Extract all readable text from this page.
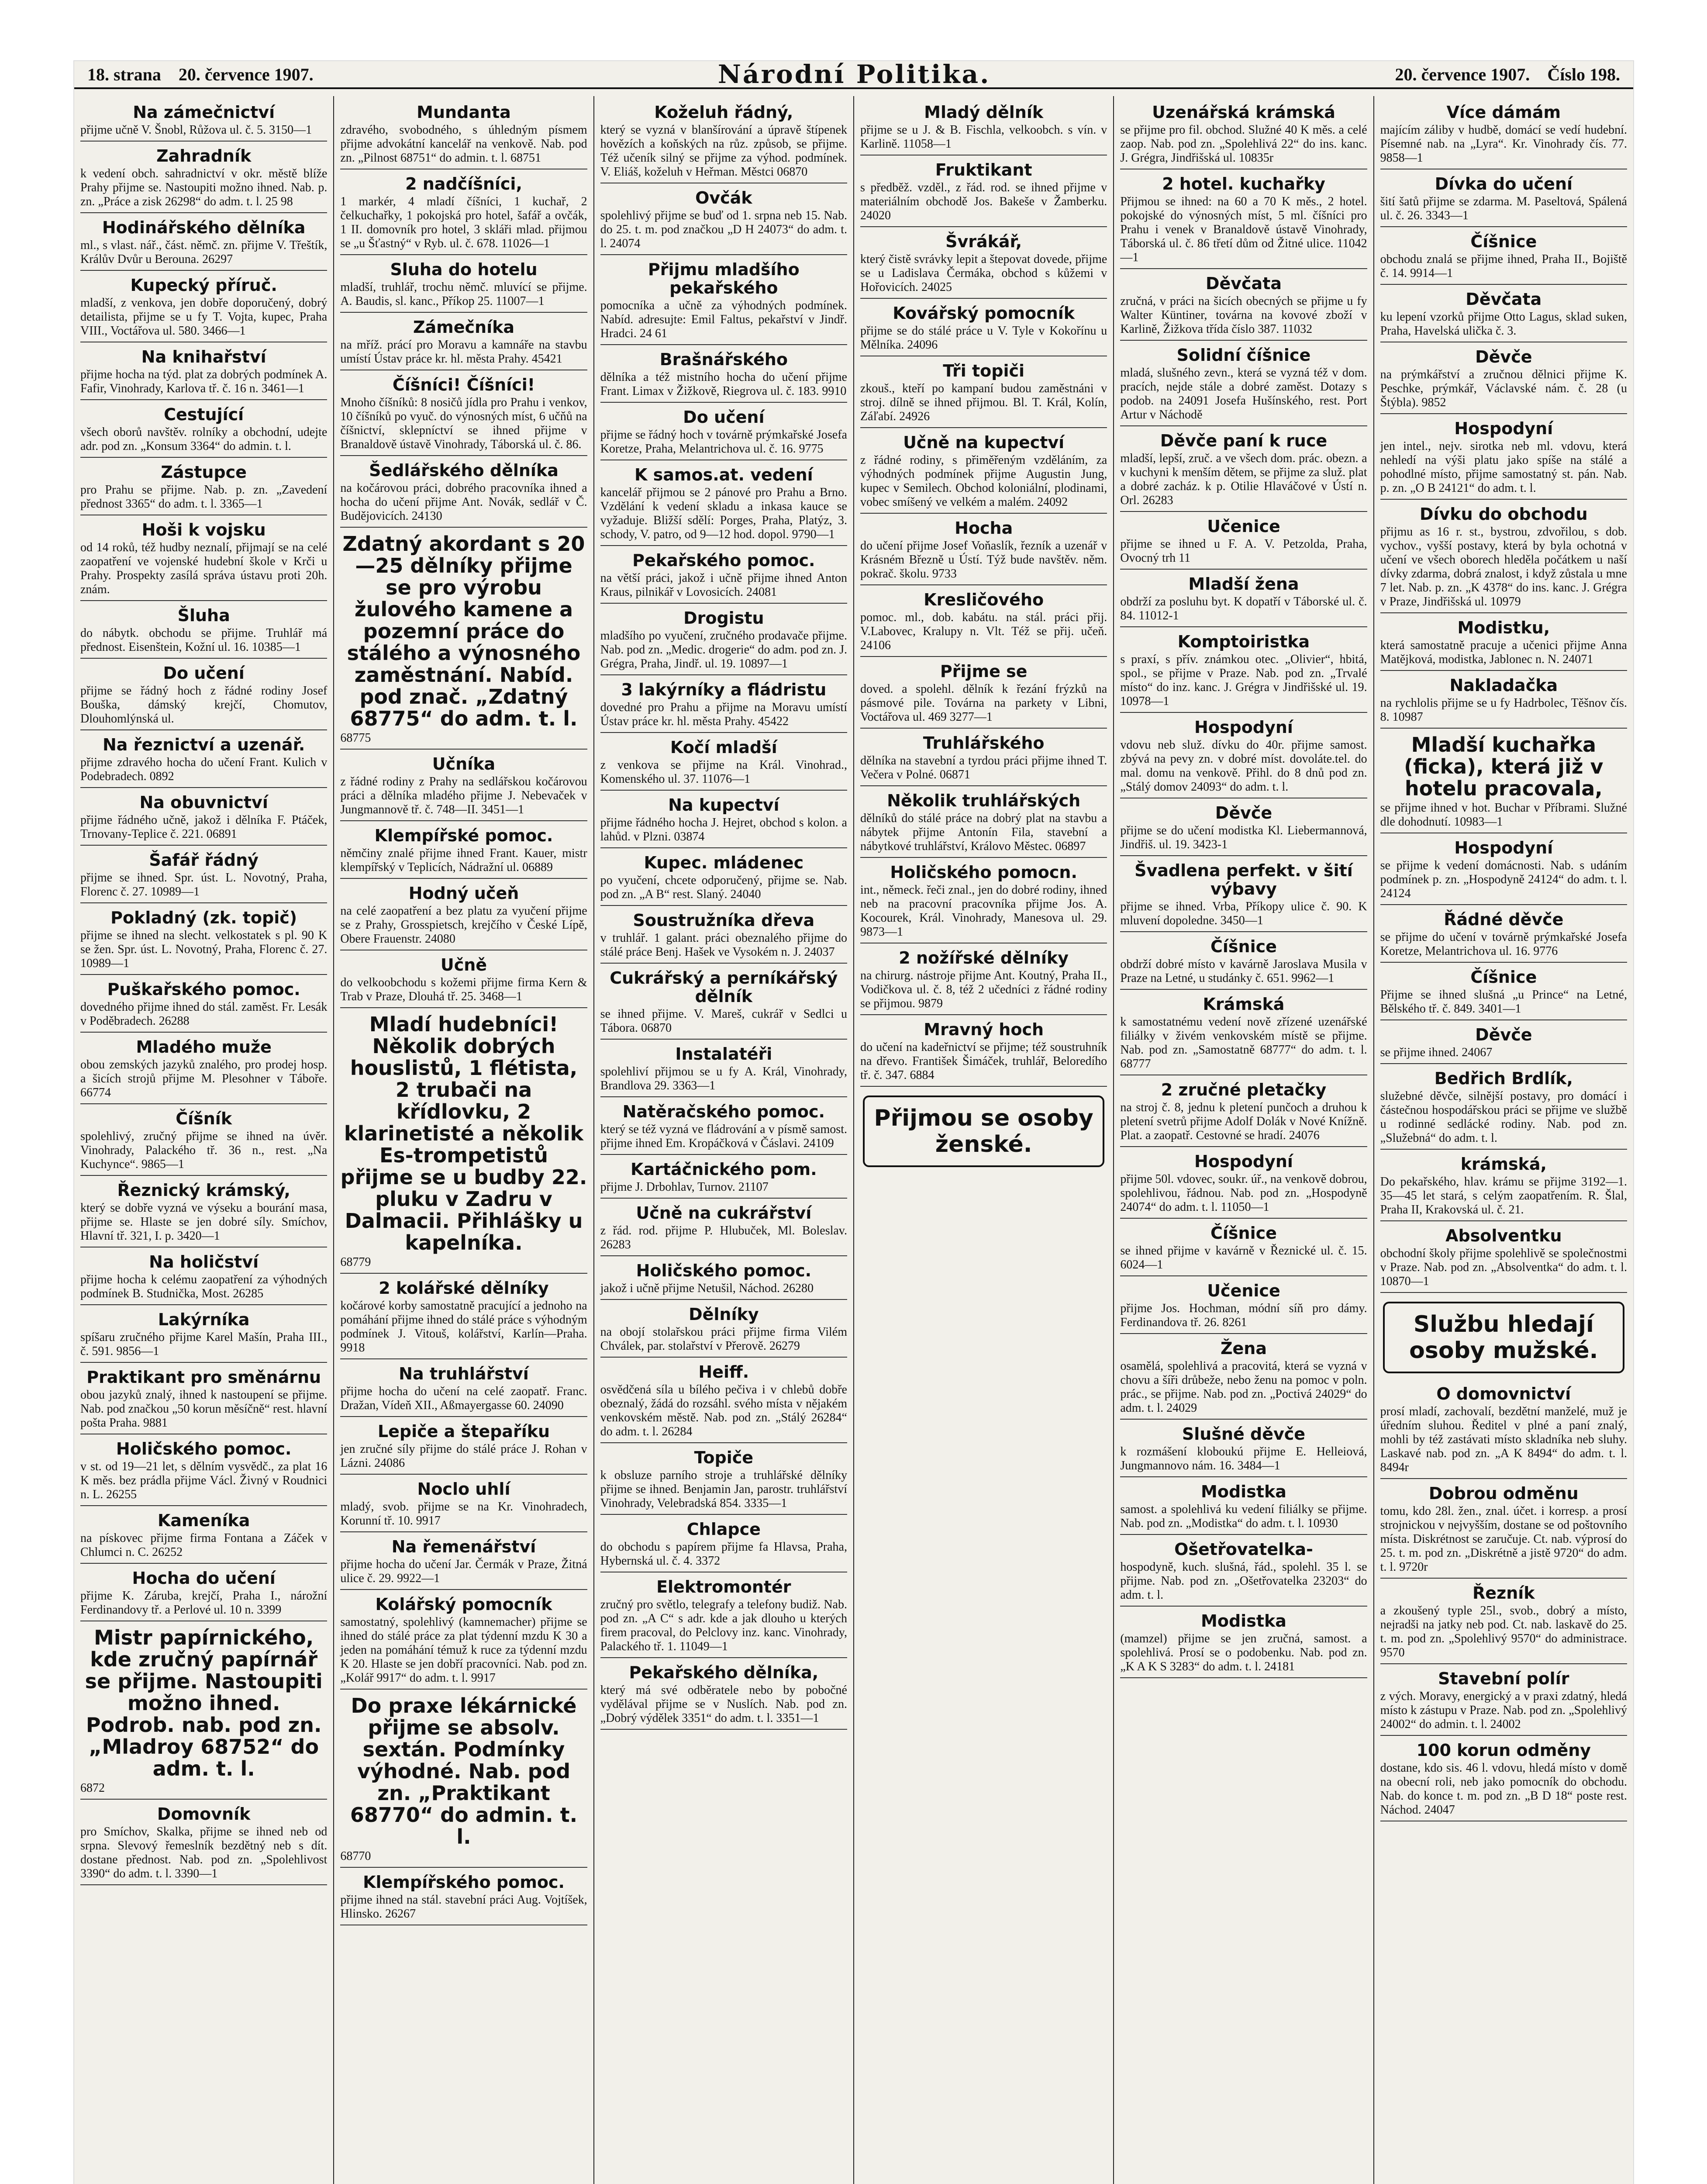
18. strana 20. července 1907.	Národní Politika.	20. července 1907. Číslo 198.
Na zámečnictví

přijme učně V. Šnobl, Růžova ul. č. 5. 3150—1

Zahradník

k vedení obch. sahradnictví v okr. městě blíže Prahy přijme se. Nastoupiti možno ihned. Nab. p. zn. „Práce a zisk 26298“ do adm. t. l. 25 98

Hodinářského dělníka

ml., s vlast. nář., část. němč. zn. přijme V. Třeštík, Králův Dvůr u Berouna. 26297

Kupecký příruč.

mladší, z venkova, jen dobře doporučený, dobrý detailista, přijme se u fy T. Vojta, kupec, Praha VIII., Voctářova ul. 580. 3466—1

Na knihařství

přijme hocha na týd. plat za dobrých podmínek A. Fafir, Vinohrady, Karlova tř. č. 16 n. 3461—1

Cestující

všech oborů navštěv. rolníky a obchodní, udejte adr. pod zn. „Konsum 3364“ do admin. t. l.

Zástupce

pro Prahu se přijme. Nab. p. zn. „Zavedení přednost 3365“ do adm. t. l. 3365—1

Hoši k vojsku

od 14 roků, též hudby neznalí, přijmají se na celé zaopatření ve vojenské hudební škole v Krči u Prahy. Prospekty zasílá správa ústavu proti 20h. znám.

Šluha

do nábytk. obchodu se přijme. Truhlář má přednost. Eisenštein, Kožní ul. 16. 10385—1

Do učení

přijme se řádný hoch z řádné rodiny Josef Bouška, dámský krejčí, Chomutov, Dlouhomlýnská ul.

Na řeznictví a uzenář.

přijme zdravého hocha do učení Frant. Kulich v Podebradech. 0892

Na obuvnictví

přijme řádného učně, jakož i dělníka F. Ptáček, Trnovany-Teplice č. 221. 06891

Šafář řádný

přijme se ihned. Spr. úst. L. Novotný, Praha, Florenc č. 27. 10989—1

Pokladný (zk. topič)

přijme se ihned na slecht. velkostatek s pl. 90 K se žen. Spr. úst. L. Novotný, Praha, Florenc č. 27. 10989—1

Puškařského pomoc.

dovedného přijme ihned do stál. zaměst. Fr. Lesák v Poděbradech. 26288

Mladého muže

obou zemských jazyků znalého, pro prodej hosp. a šicích strojů přijme M. Plesohner v Táboře. 66774

Číšník

spolehlivý, zručný přijme se ihned na úvěr. Vinohrady, Palackého tř. 36 n., rest. „Na Kuchynce“. 9865—1

Řeznický krámský,

který se dobře vyzná ve výseku a bourání masa, přijme se. Hlaste se jen dobré síly. Smíchov, Hlavní tř. 321, I. p. 3420—1

Na holičství

přijme hocha k celému zaopatření za výhodných podmínek B. Studnička, Most. 26285

Lakýrníka

spíšaru zručného přijme Karel Mašín, Praha III., č. 591. 9856—1

Praktikant pro směnárnu

obou jazyků znalý, ihned k nastoupení se přijme. Nab. pod značkou „50 korun měsíčně“ rest. hlavní pošta Praha. 9881

Holičského pomoc.

v st. od 19—21 let, s dělním vysvědč., za plat 16 K měs. bez prádla přijme Václ. Živný v Roudnici n. L. 26255

Kameníka

na pískovec přijme firma Fontana a Záček v Chlumci n. C. 26252

Hocha do učení

přijme K. Záruba, krejčí, Praha I., nárožní Ferdinandovy tř. a Perlové ul. 10 n. 3399

Mistr papírnického, kde zručný papírnář se přijme. Nastoupiti možno ihned. Podrob. nab. pod zn. „Mladroy 68752“ do adm. t. l.

6872

Domovník

pro Smíchov, Skalka, přijme se ihned neb od srpna. Slevový řemeslník bezdětný neb s dít. dostane přednost. Nab. pod zn. „Spolehlivost 3390“ do adm. t. l. 3390—1

Mundanta

zdravého, svobodného, s úhledným písmem přijme advokátní kancelář na venkově. Nab. pod zn. „Pilnost 68751“ do admin. t. l. 68751

2 nadčíšníci,

1 markér, 4 mladí číšníci, 1 kuchař, 2 čelkuchařky, 1 pokojská pro hotel, šafář a ovčák, 1 II. domovník pro hotel, 3 skláři mlad. přijmou se „u Šťastný“ v Ryb. ul. č. 678. 11026—1

Sluha do hotelu

mladší, truhlář, trochu němč. mluvící se přijme. A. Baudis, sl. kanc., Příkop 25. 11007—1

Zámečníka

na mříž. prácí pro Moravu a kamnáře na stavbu umístí Ústav práce kr. hl. města Prahy. 45421

Číšníci! Číšníci!

Mnoho číšníků: 8 nosičů jídla pro Prahu i venkov, 10 číšníků po vyuč. do výnosných míst, 6 učňů na číšnictví, sklepníctví se ihned přijme v Branaldově ústavě Vinohrady, Táborská ul. č. 86.

Šedlářského dělníka

na kočárovou práci, dobrého pracovníka ihned a hocha do učení přijme Ant. Novák, sedlář v Č. Budějovicích. 24130

Zdatný akordant s 20—25 dělníky přijme se pro výrobu žulového kamene a pozemní práce do stálého a výnosného zaměstnání. Nabíd. pod znač. „Zdatný 68775“ do adm. t. l.

68775

Učníka

z řádné rodiny z Prahy na sedlářskou kočárovou práci a dělníka mladého přijme J. Nebevaček v Jungmannově tř. č. 748—II. 3451—1

Klempířské pomoc.

němčiny znalé přijme ihned Frant. Kauer, mistr klempířský v Teplicích, Nádražní ul. 06889

Hodný učeň

na celé zaopatření a bez platu za vyučení přijme se z Prahy, Grosspietsch, krejčího v České Lípě, Obere Frauenstr. 24080

Učně

do velkoobchodu s kožemi přijme firma Kern & Trab v Praze, Dlouhá tř. 25. 3468—1

Mladí hudebníci! Několik dobrých houslistů, 1 flétista, 2 trubači na křídlovku, 2 klarinetisté a několik Es-trompetistů přijme se u budby 22. pluku v Zadru v Dalmacii. Přihlášky u kapelníka.

68779

2 kolářské dělníky

kočárové korby samostatně pracující a jednoho na pomáhání přijme ihned do stálé práce s výhodným podmínek J. Vitouš, kolářství, Karlín—Praha. 9918

Na truhlářství

přijme hocha do učení na celé zaopatř. Franc. Dražan, Vídeň XII., Aßmayergasse 60. 24090

Lepiče a štepaříku

jen zručné síly přijme do stálé práce J. Rohan v Lázni. 24086

Noclo uhlí

mladý, svob. přijme se na Kr. Vinohradech, Korunní tř. 10. 9917

Na řemenářství

přijme hocha do učení Jar. Čermák v Praze, Žitná ulice č. 29. 9922—1

Kolářský pomocník

samostatný, spolehlivý (kamnemacher) přijme se ihned do stálé práce za plat týdenní mzdu K 30 a jeden na pomáhání témuž k ruce za týdenní mzdu K 20. Hlaste se jen dobří pracovníci. Nab. pod zn. „Kolář 9917“ do adm. t. l. 9917

Do praxe lékárnické přijme se absolv. sextán. Podmínky výhodné. Nab. pod zn. „Praktikant 68770“ do admin. t. l.

68770

Klempířského pomoc.

přijme ihned na stál. stavební práci Aug. Vojtíšek, Hlinsko. 26267

Koželuh řádný,

který se vyzná v blanšírování a úpravě štípenek hovězích a koňských na růz. způsob, se přijme. Též učeník silný se přijme za výhod. podmínek. V. Eliáš, koželuh v Heřman. Městci 06870

Ovčák

spolehlivý přijme se buď od 1. srpna neb 15. Nab. do 25. t. m. pod značkou „D H 24073“ do adm. t. l. 24074

Přijmu mladšího pekařského

pomocníka a učně za výhodných podmínek. Nabíd. adresujte: Emil Faltus, pekařství v Jindř. Hradci. 24 61

Brašnářského

dělníka a též mistního hocha do učení přijme Frant. Limax v Žižkově, Riegrova ul. č. 183. 9910

Do učení

přijme se řádný hoch v továrně prýmkařské Josefa Koretze, Praha, Melantrichova ul. č. 16. 9775

K samos.at. vedení

kancelář přijmou se 2 pánové pro Prahu a Brno. Vzdělání k vedení skladu a inkasa kauce se vyžaduje. Bližší sdělí: Porges, Praha, Platýz, 3. schody, V. patro, od 9—12 hod. dopol. 9790—1

Pekařského pomoc.

na větší práci, jakož i učně přijme ihned Anton Kraus, pilnikář v Lovosicích. 24081

Drogistu

mladšího po vyučení, zručného prodavače přijme. Nab. pod zn. „Medic. drogerie“ do adm. pod zn. J. Grégra, Praha, Jindř. ul. 19. 10897—1

3 lakýrníky a fládristu

dovedné pro Prahu a přijme na Moravu umístí Ústav práce kr. hl. města Prahy. 45422

Kočí mladší

z venkova se přijme na Král. Vinohrad., Komenského ul. 37. 11076—1

Na kupectví

přijme řádného hocha J. Hejret, obchod s kolon. a lahůd. v Plzni. 03874

Kupec. mládenec

po vyučení, chcete odporučený, přijme se. Nab. pod zn. „A B“ rest. Slaný. 24040

Soustružníka dřeva

v truhlář. 1 galant. práci obeznalého přijme do stálé práce Benj. Hašek ve Vysokém n. J. 24037

Cukrářský a perníkářský dělník

se ihned přijme. V. Mareš, cukrář v Sedlci u Tábora. 06870

Instalatéři

spolehliví přijmou se u fy A. Král, Vinohrady, Brandlova 29. 3363—1

Natěračského pomoc.

který se též vyzná ve fládrování a v písmě samost. přijme ihned Em. Kropáčková v Čáslavi. 24109

Kartáčnického pom.

přijme J. Drbohlav, Turnov. 21107

Učně na cukrářství

z řád. rod. přijme P. Hlubuček, Ml. Boleslav. 26283

Holičského pomoc.

jakož i učně přijme Netušil, Náchod. 26280

Dělníky

na obojí stolařskou práci přijme firma Vilém Chválek, par. stolařství v Přerově. 26279

Heiff.

osvědčená síla u bílého pečiva i v chlebů dobře obeznalý, žádá do rozsáhl. svého místa v nějakém venkovském městě. Nab. pod zn. „Stálý 26284“ do adm. t. l. 26284

Topiče

k obsluze parního stroje a truhlářské dělníky přijme se ihned. Benjamin Jan, parostr. truhlářství Vinohrady, Velebradská 854. 3335—1

Chlapce

do obchodu s papírem přijme fa Hlavsa, Praha, Hybernská ul. č. 4. 3372

Elektromontér

zručný pro světlo, telegrafy a telefony budiž. Nab. pod zn. „A C“ s adr. kde a jak dlouho u kterých firem pracoval, do Pelclovy inz. kanc. Vinohrady, Palackého tř. 1. 11049—1

Pekařského dělníka,

který má své odběratele nebo by pobočné vydělával přijme se v Nuslích. Nab. pod zn. „Dobrý výdělek 3351“ do adm. t. l. 3351—1

Mladý dělník

přijme se u J. & B. Fischla, velkoobch. s vín. v Karlině. 11058—1

Fruktikant

s předběž. vzděl., z řád. rod. se ihned přijme v materiálním obchodě Jos. Bakeše v Žamberku. 24020

Švrákář,

který čistě svrávky lepit a štepovat dovede, přijme se u Ladislava Čermáka, obchod s kůžemi v Hořovicích. 24025

Kovářský pomocník

přijme se do stálé práce u V. Tyle v Kokořínu u Mělníka. 24096

Tři topiči

zkouš., kteří po kampaní budou zaměstnáni v stroj. dílně se ihned přijmou. Bl. T. Král, Kolín, Záľabí. 24926

Učně na kupectví

z řádné rodiny, s přiměřeným vzděláním, za výhodných podmínek přijme Augustin Jung, kupec v Semilech. Obchod koloniální, plodinami, vobec smíšený ve velkém a malém. 24092

Hocha

do učení přijme Josef Voňaslík, řezník a uzenář v Krásném Březně u Ústí. Týž bude navštěv. něm. pokrač. školu. 9733

Kresličového

pomoc. ml., dob. kabátu. na stál. práci přij. V.Labovec, Kralupy n. Vlt. Též se přij. učeň. 24106

Přijme se

doved. a spolehl. dělník k řezání frýzků na pásmové pile. Továrna na parkety v Libni, Voctářova ul. 469 3277—1

Truhlářského

dělníka na stavební a tyrdou práci přijme ihned T. Večera v Polné. 06871

Několik truhlářských

dělníků do stálé práce na dobrý plat na stavbu a nábytek přijme Antonín Fila, stavební a nábytkové truhlářství, Královo Městec. 06897

Holičského pomocn.

int., německ. řeči znal., jen do dobré rodiny, ihned neb na pracovní pracovníka přijme Jos. A. Kocourek, Král. Vinohrady, Manesova ul. 29. 9873—1

2 nožířské dělníky

na chirurg. nástroje přijme Ant. Koutný, Praha II., Vodičkova ul. č. 8, též 2 učedníci z řádné rodiny se přijmou. 9879

Mravný hoch

do učení na kadeřnictví se přijme; též soustruhník na dřevo. František Šimáček, truhlář, Beloredího tř. č. 347. 6884

Přijmou se osoby ženské.
Uzenářská krámská

se přijme pro fil. obchod. Služné 40 K měs. a celé zaop. Nab. pod zn. „Spolehlivá 22“ do ins. kanc. J. Grégra, Jindřišská ul. 10835r

2 hotel. kuchařky

Přijmou se ihned: na 60 a 70 K měs., 2 hotel. pokojské do výnosných míst, 5 ml. číšníci pro Prahu i venek v Branaldově ústavě Vinohrady, Táborská ul. č. 86 třetí dům od Žitné ulice. 11042—1

Děvčata

zručná, v práci na šicích obecných se přijme u fy Walter Küntiner, továrna na kovové zboží v Karlině, Žižkova třída číslo 387. 11032

Solidní číšnice

mladá, slušného zevn., která se vyzná též v dom. pracích, nejde stále a dobré zaměst. Dotazy s podob. na 24091 Josefa Hušínského, rest. Port Artur v Náchodě

Děvče paní k ruce

mladší, lepší, zruč. a ve všech dom. prác. obezn. a v kuchyni k menším dětem, se přijme za služ. plat a dobré zacház. k p. Otilie Hlaváčové v Ústí n. Orl. 26283

Učenice

přijme se ihned u F. A. V. Petzolda, Praha, Ovocný trh 11

Mladší žena

obdrží za posluhu byt. K dopatří v Táborské ul. č. 84. 11012-1

Komptoiristka

s praxí, s přív. známkou otec. „Olivier“, hbitá, spol., se přijme v Praze. Nab. pod zn. „Trvalé místo“ do inz. kanc. J. Grégra v Jindřišské ul. 19. 10978—1

Hospodyní

vdovu neb služ. dívku do 40r. přijme samost. zbývá na pevy zn. v dobré míst. dovoláte.tel. do mal. domu na venkově. Přihl. do 8 dnů pod zn. „Stálý domov 24093“ do adm. t. l.

Děvče

přijme se do učení modistka Kl. Liebermannová, Jindřiš. ul. 19. 3423-1

Švadlena perfekt. v šití výbavy

přijme se ihned. Vrba, Příkopy ulice č. 90. K mluvení dopoledne. 3450—1

Číšnice

obdrží dobré místo v kavárně Jaroslava Musila v Praze na Letné, u studánky č. 651. 9962—1

Krámská

k samostatnému vedení nově zřízené uzenářské filiálky v živém venkovském místě se přijme. Nab. pod zn. „Samostatně 68777“ do adm. t. l. 68777

2 zručné pletačky

na stroj č. 8, jednu k pletení punčoch a druhou k pletení svetrů přijme Adolf Dolák v Nové Knížně. Plat. a zaopatř. Cestovné se hradí. 24076

Hospodyní

přijme 50l. vdovec, soukr. úř., na venkově dobrou, spolehlivou, řádnou. Nab. pod zn. „Hospodyně 24074“ do adm. t. l. 11050—1

Číšnice

se ihned přijme v kavárně v Řeznické ul. č. 15. 6024—1

Učenice

přijme Jos. Hochman, módní síň pro dámy. Ferdinandova tř. 26. 8261

Žena

osamělá, spolehlivá a pracovitá, která se vyzná v chovu a šíři drůbeže, nebo ženu na pomoc v poln. prác., se přijme. Nab. pod zn. „Poctivá 24029“ do adm. t. l. 24029

Slušné děvče

k rozmášení kloboukú přijme E. Helleiová, Jungmannovo nám. 16. 3484—1

Modistka

samost. a spolehlivá ku vedení filiálky se přijme. Nab. pod zn. „Modistka“ do adm. t. l. 10930

Ošetřovatelka-

hospodyně, kuch. slušná, řád., spolehl. 35 l. se přijme. Nab. pod zn. „Ošetřovatelka 23203“ do adm. t. l.

Modistka

(mamzel) přijme se jen zručná, samost. a spolehlivá. Prosí se o podobenku. Nab. pod zn. „K A K S 3283“ do adm. t. l. 24181

Více dámám

majícím záliby v hudbě, domácí se vedí hudební. Písemné nab. na „Lyra“. Kr. Vinohrady čís. 77. 9858—1

Dívka do učení

šití šatů přijme se zdarma. M. Paseltová, Spálená ul. č. 26. 3343—1

Číšnice

obchodu znalá se přijme ihned, Praha II., Bojiště č. 14. 9914—1

Děvčata

ku lepení vzorků přijme Otto Lagus, sklad suken, Praha, Havelská ulička č. 3.

Děvče

na prýmkářství a zručnou dělnici přijme K. Peschke, prýmkář, Václavské nám. č. 28 (u Štýbla). 9852

Hospodyní

jen intel., nejv. sirotka neb ml. vdovu, která nehledí na výši platu jako spíše na stálé a pohodlné místo, přijme samostatný st. pán. Nab. p. zn. „O B 24121“ do adm. t. l.

Dívku do obchodu

přijmu as 16 r. st., bystrou, zdvořilou, s dob. vychov., vyšší postavy, která by byla ochotná v učení ve všech oborech hleděla počátkem u naší dívky zdarma, dobrá znalost, i když zůstala u mne 7 let. Nab. p. zn. „K 4378“ do ins. kanc. J. Grégra v Praze, Jindřišská ul. 10979

Modistku,

která samostatně pracuje a učenici přijme Anna Matějková, modistka, Jablonec n. N. 24071

Nakladačka

na rychlolis přijme se u fy Hadrbolec, Těšnov čís. 8. 10987

Mladší kuchařka (ficka), která již v hotelu pracovala,

se přijme ihned v hot. Buchar v Příbrami. Služné dle dohodnutí. 10983—1

Hospodyní

se přijme k vedení domácnosti. Nab. s udáním podmínek p. zn. „Hospodyně 24124“ do adm. t. l. 24124

Řádné děvče

se přijme do učení v továrně prýmkařské Josefa Koretze, Melantrichova ul. 16. 9776

Číšnice

Přijme se ihned slušná „u Prince“ na Letné, Bělského tř. č. 849. 3401—1

Děvče

se přijme ihned. 24067

Bedřich Brdlík,

služebné děvče, silnější postavy, pro domácí i částečnou hospodářskou práci se přijme ve službě u rodinné sedlácké rodiny. Nab. pod zn. „Služebná“ do adm. t. l.

krámská,

Do pekařského, hlav. krámu se přijme 3192—1. 35—45 let stará, s celým zaopatřením. R. Šlal, Praha II, Krakovská ul. č. 21.

Absolventku

obchodní školy přijme spolehlivě se společnostmi v Praze. Nab. pod zn. „Absolventka“ do adm. t. l. 10870—1

Službu hledají osoby mužské.
O domovnictví

prosí mladí, zachovalí, bezdětní manželé, muž je úředním sluhou. Ředitel v plné a paní znalý, mohli by též zastávati místo skladníka neb sluhy. Laskavé nab. pod zn. „A K 8494“ do adm. t. l. 8494r

Dobrou odměnu

tomu, kdo 28l. žen., znal. účet. i korresp. a prosí strojnickou v nejvyšším, dostane se od poštovního místa. Diskrétnost se zaručuje. Ct. nab. výprosí do 25. t. m. pod zn. „Diskrétně a jistě 9720“ do adm. t. l. 9720r

Řezník

a zkoušený typle 25l., svob., dobrý a místo, nejradši na jatky neb pod. Ct. nab. laskavě do 25. t. m. pod zn. „Spolehlivý 9570“ do administrace. 9570

Stavební polír

z vých. Moravy, energický a v praxi zdatný, hledá místo k zástupu v Praze. Nab. pod zn. „Spolehlivý 24002“ do admin. t. l. 24002

100 korun odměny

dostane, kdo sis. 46 l. vdovu, hledá místo v domě na obecní roli, neb jako pomocník do obchodu. Nab. do konce t. m. pod zn. „B D 18“ poste rest. Náchod. 24047
